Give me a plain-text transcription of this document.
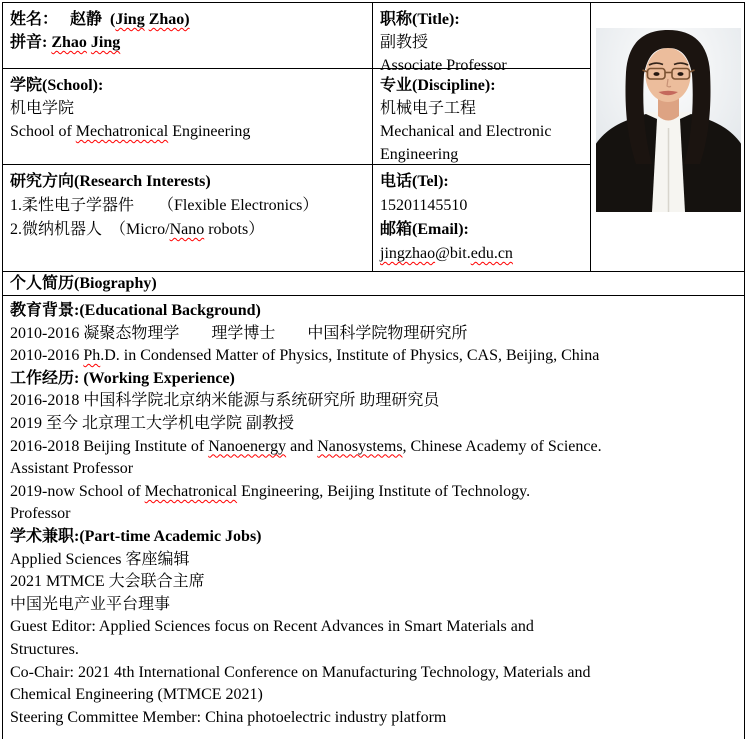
姓名：　 赵静  (Jing Zhao)
拼音: Zhao Jing
职称(Title):
副教授
Associate Professor
学院(School):
机电学院
School of Mechatronical Engineering
专业(Discipline):
机械电子工程
Mechanical and Electronic
Engineering
研究方向(Research Interests)
1.柔性电子学器件　　（Flexible Electronics）
2.微纳机器人　（Micro/Nano robots）
电话(Tel):
15201145510
邮箱(Email):
jingzhao@bit.edu.cn
个人简历(Biography)
教育背景:(Educational Background)
2010-2016 凝聚态物理学　　理学博士　　中国科学院物理研究所
2010-2016 Ph.D. in Condensed Matter of Physics, Institute of Physics, CAS, Beijing, China
工作经历: (Working Experience)
2016-2018 中国科学院北京纳米能源与系统研究所 助理研究员
2019 至今 北京理工大学机电学院 副教授
2016-2018 Beijing Institute of Nanoenergy and Nanosystems, Chinese Academy of Science.
Assistant Professor
2019-now School of Mechatronical Engineering, Beijing Institute of Technology.
Professor
学术兼职:(Part-time Academic Jobs)
Applied Sciences 客座编辑
2021 MTMCE 大会联合主席
中国光电产业平台理事
Guest Editor: Applied Sciences focus on Recent Advances in Smart Materials and
Structures.
Co-Chair: 2021 4th International Conference on Manufacturing Technology, Materials and
Chemical Engineering (MTMCE 2021)
Steering Committee Member: China photoelectric industry platform
